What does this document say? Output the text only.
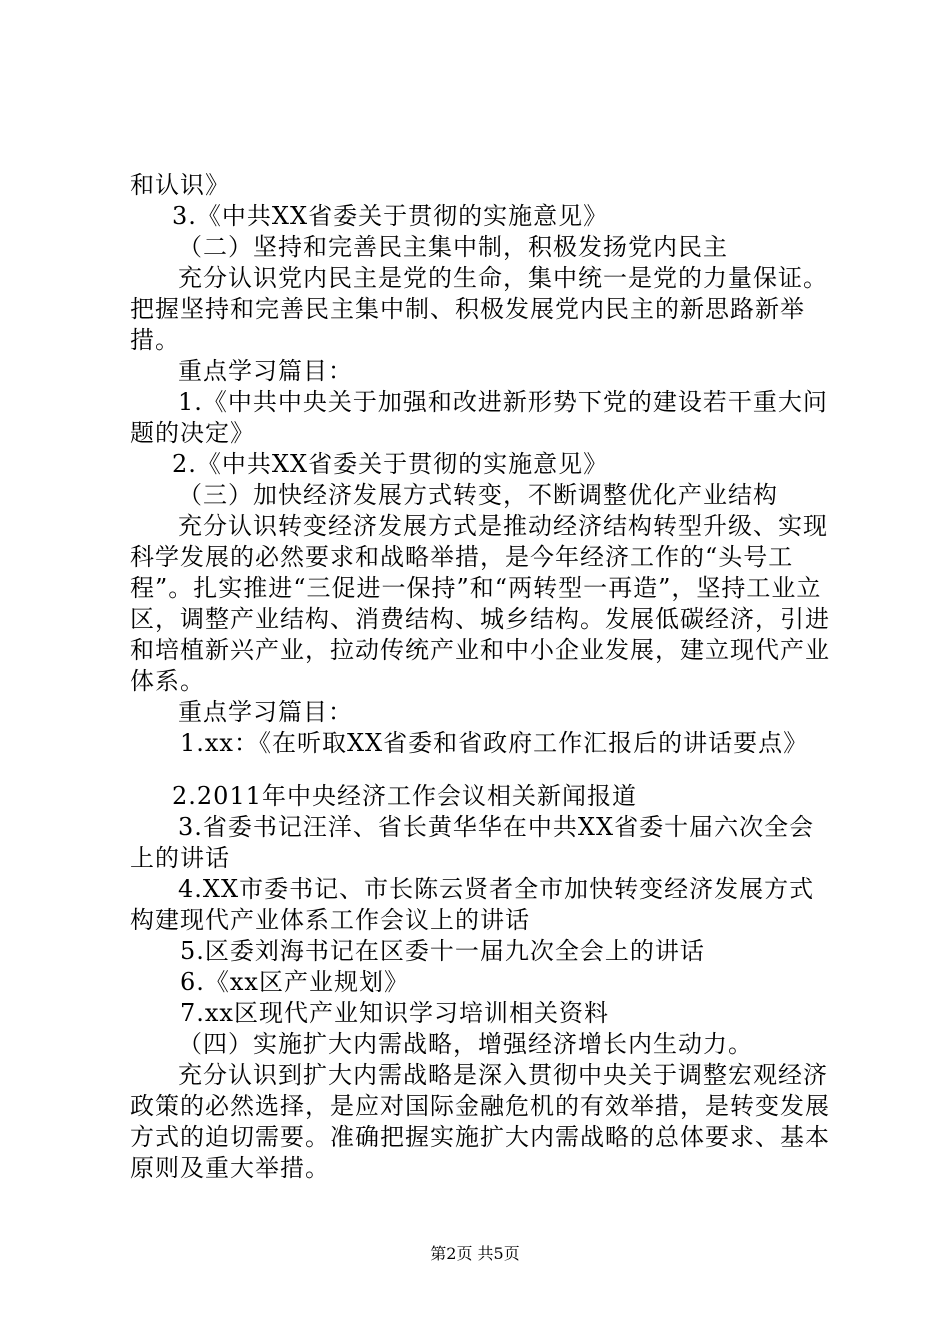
和认识》

3.《中共XX省委关于贯彻的实施意见》

（二）坚持和完善民主集中制，积极发扬党内民主

充分认识党内民主是党的生命，集中统一是党的力量保证。把握坚持和完善民主集中制、积极发展党内民主的新思路新举措。

重点学习篇目：

1.《中共中央关于加强和改进新形势下党的建设若干重大问题的决定》

2.《中共XX省委关于贯彻的实施意见》

（三）加快经济发展方式转变，不断调整优化产业结构

充分认识转变经济发展方式是推动经济结构转型升级、实现科学发展的必然要求和战略举措，是今年经济工作的“头号工程”。扎实推进“三促进一保持”和“两转型一再造”，坚持工业立区，调整产业结构、消费结构、城乡结构。发展低碳经济，引进和培植新兴产业，拉动传统产业和中小企业发展，建立现代产业体系。

重点学习篇目：

1.xx：《在听取XX省委和省政府工作汇报后的讲话要点》

2.2011年中央经济工作会议相关新闻报道

3.省委书记汪洋、省长黄华华在中共XX省委十届六次全会上的讲话

4.XX市委书记、市长陈云贤者全市加快转变经济发展方式构建现代产业体系工作会议上的讲话

5.区委刘海书记在区委十一届九次全会上的讲话

6.《xx区产业规划》

7.xx区现代产业知识学习培训相关资料

（四）实施扩大内需战略，增强经济增长内生动力。

充分认识到扩大内需战略是深入贯彻中央关于调整宏观经济政策的必然选择，是应对国际金融危机的有效举措，是转变发展方式的迫切需要。准确把握实施扩大内需战略的总体要求、基本原则及重大举措。

第2页 共5页
